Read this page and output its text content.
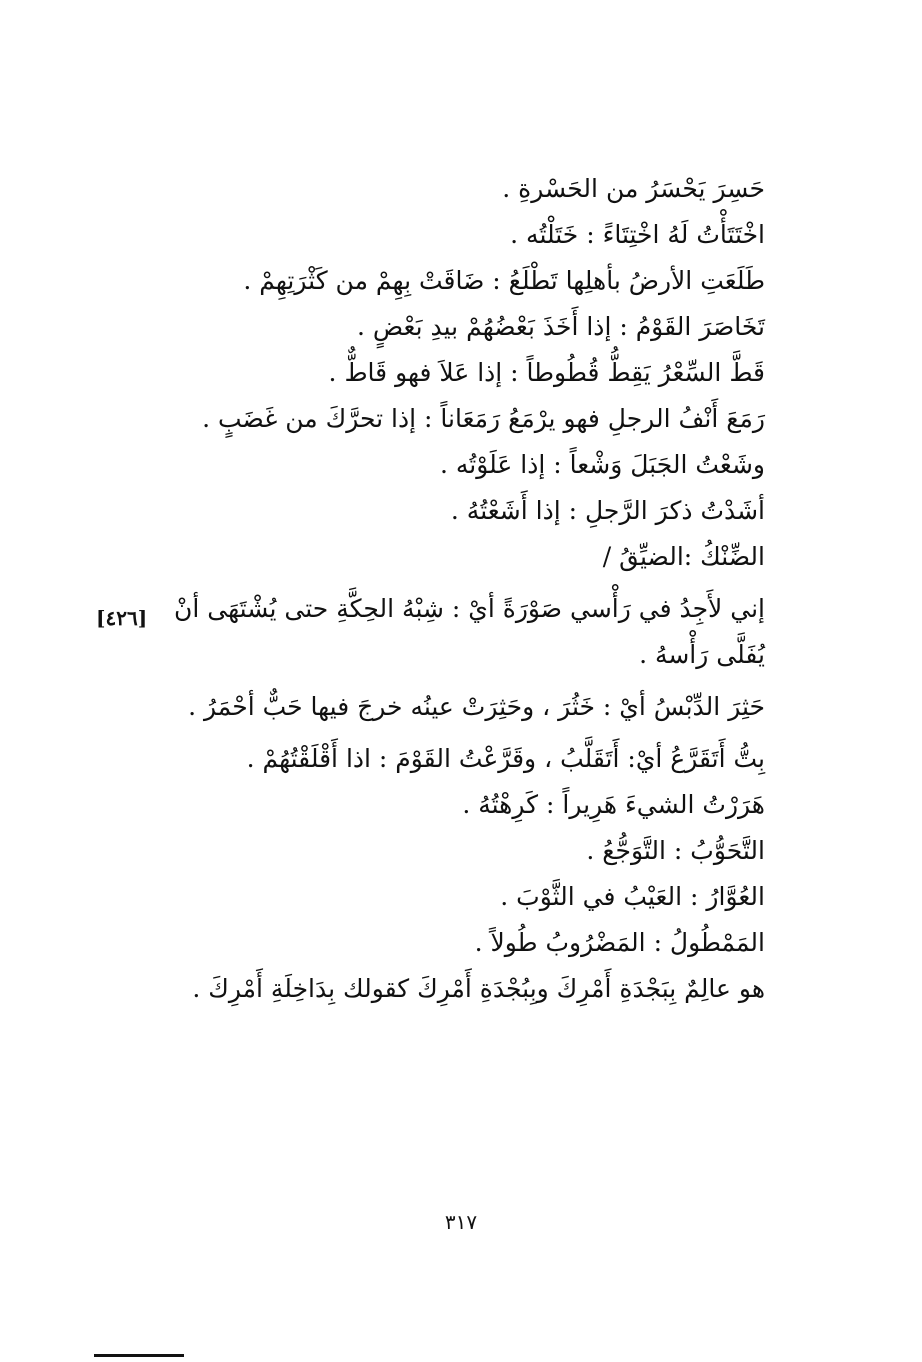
حَسِرَ يَحْسَرُ من الحَسْرةِ .
اخْتَتَأْتُ لَهُ اخْتِتَاءً : خَتَلْتُه .
طَلَعَتِ الأرضُ بأهلِها تَطْلَعُ : ضَاقَتْ بِهِمْ من كَثْرَتِهِمْ .
تَخَاصَرَ القَوْمُ : إذا أَخَذَ بَعْضُهُمْ بيدِ بَعْضٍ .
قَطَّ السِّعْرُ يَقِطُّ قُطُوطاً : إذا عَلاَ فهو قَاطٌّ .
رَمَعَ أَنْفُ الرجلِ فهو يرْمَعُ رَمَعَاناً : إذا تحرَّكَ من غَضَبٍ .
وشَعْتُ الجَبَلَ وَشْعاً : إذا عَلَوْتُه .
أشَدْتُ ذكرَ الرَّجلِ : إذا أَشَعْتُهُ .
الضِّنْكُ :الضيِّقُ /
إني لأَجِدُ في رَأْسي صَوْرَةً أيْ : شِبْهُ الحِكَّةِ حتى يُشْتَهَى أنْ يُفَلَّى رَأْسهُ .
حَثِرَ الدِّبْسُ أيْ : خَثُرَ ، وحَثِرَتْ عينُه خرجَ فيها حَبٌّ أحْمَرُ .
بِتُّ أَتَقَرَّعُ أيْ: أَتَقَلَّبُ ، وقَرَّعْتُ القَوْمَ : اذا أَقْلَقْتُهُمْ .
هَرَرْتُ الشيءَ هَرِيراً : كَرِهْتُهُ .
التَّحَوُّبُ : التَّوَجُّعُ .
العُوَّارُ : العَيْبُ في الثَّوْبَ .
المَمْطُولُ : المَضْرُوبُ طُولاً .
هو عالِمٌ بِبَجْدَةِ أَمْرِكَ وبِبُجْدَةِ أَمْرِكَ كقولك بِدَاخِلَةِ أَمْرِكَ .
[٤٢٦]
٣١٧
